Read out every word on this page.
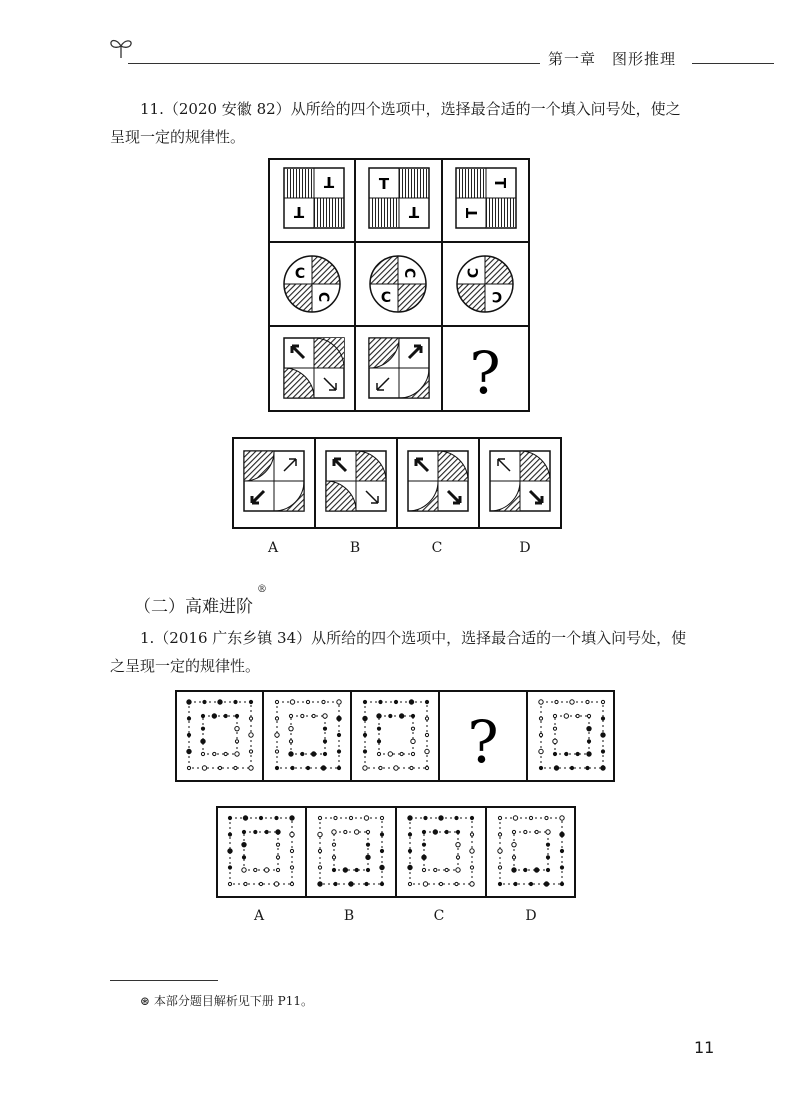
第一章　图形推理
11.（2020 安徽 82）从所给的四个选项中，选择最合适的一个填入问号处，使之
呈现一定的规律性。
T
T
T
T
T
T
C
C
C
C
C
C
?
A	B	C	D
（二）高难进阶
®
1.（2016 广东乡镇 34）从所给的四个选项中，选择最合适的一个填入问号处，使
之呈现一定的规律性。
?
A	B	C	D
⊛ 本部分题目解析见下册 P11。
11
